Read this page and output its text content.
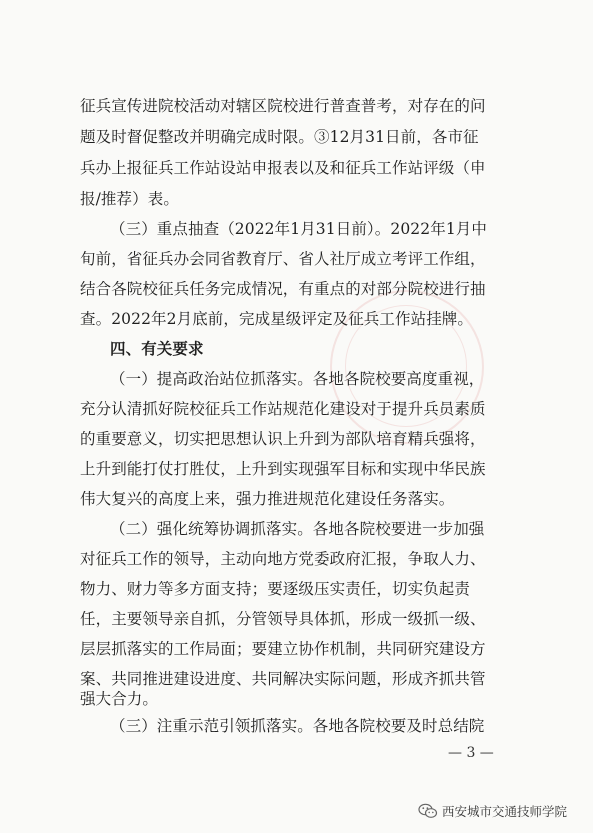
征兵宣传进院校活动对辖区院校进行普查普考，对存在的问
题及时督促整改并明确完成时限。③12月31日前，各市征
兵办上报征兵工作站设站申报表以及和征兵工作站评级（申
报/推荐）表。
（三）重点抽查（2022年1月31日前）。2022年1月中
旬前，省征兵办会同省教育厅、省人社厅成立考评工作组，
结合各院校征兵任务完成情况，有重点的对部分院校进行抽
查。2022年2月底前，完成星级评定及征兵工作站挂牌。
四、有关要求
（一）提高政治站位抓落实。各地各院校要高度重视，
充分认清抓好院校征兵工作站规范化建设对于提升兵员素质
的重要意义，切实把思想认识上升到为部队培育精兵强将，
上升到能打仗打胜仗，上升到实现强军目标和实现中华民族
伟大复兴的高度上来，强力推进规范化建设任务落实。
（二）强化统筹协调抓落实。各地各院校要进一步加强
对征兵工作的领导，主动向地方党委政府汇报，争取人力、
物力、财力等多方面支持；要逐级压实责任，切实负起责
任，主要领导亲自抓，分管领导具体抓，形成一级抓一级、
层层抓落实的工作局面；要建立协作机制，共同研究建设方
案、共同推进建设进度、共同解决实际问题，形成齐抓共管
强大合力。
（三）注重示范引领抓落实。各地各院校要及时总结院
— 3 —
西安城市交通技师学院
